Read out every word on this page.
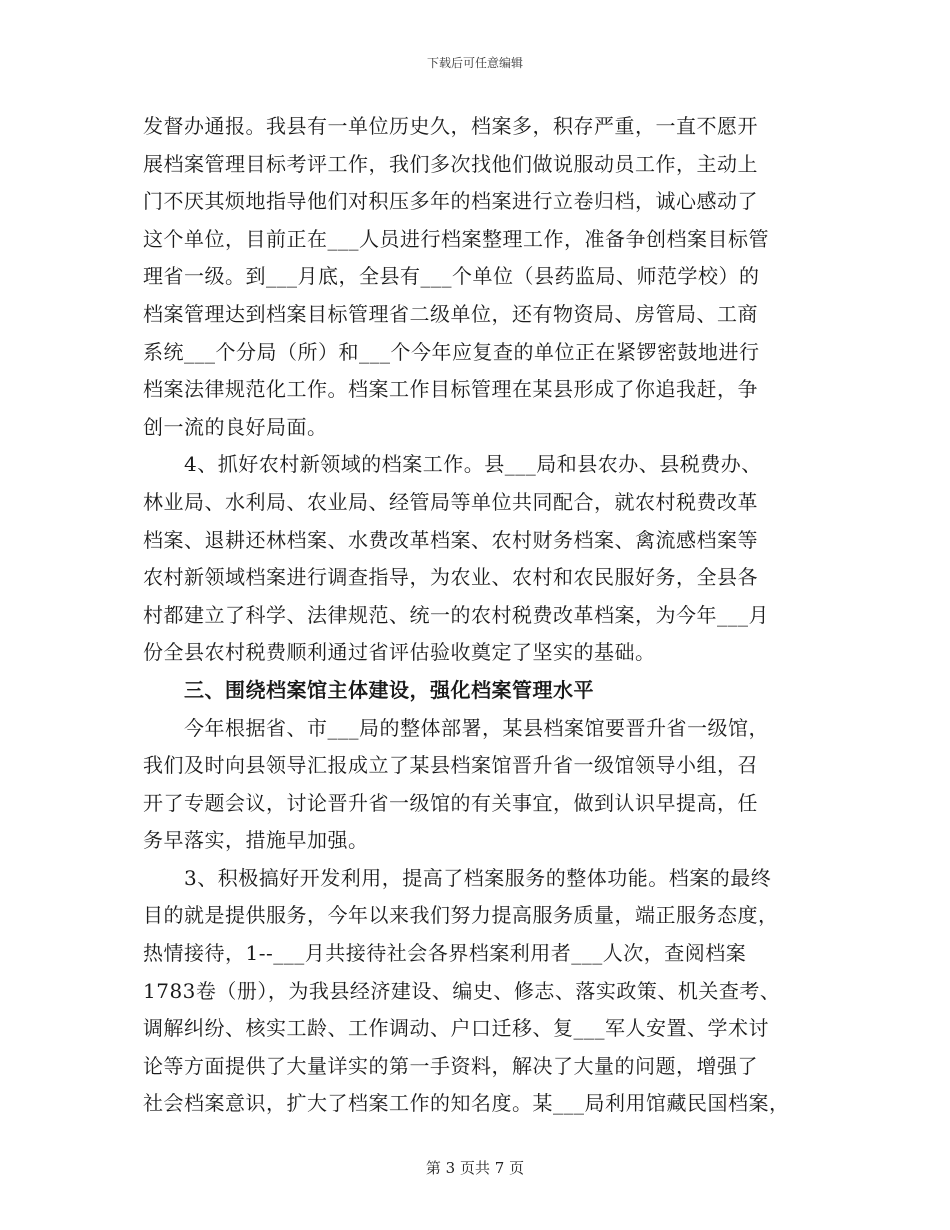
下载后可任意编辑
发督办通报。我县有一单位历史久，档案多，积存严重，一直不愿开
展档案管理目标考评工作，我们多次找他们做说服动员工作，主动上
门不厌其烦地指导他们对积压多年的档案进行立卷归档，诚心感动了
这个单位，目前正在___人员进行档案整理工作，准备争创档案目标管
理省一级。到___月底，全县有___个单位（县药监局、师范学校）的
档案管理达到档案目标管理省二级单位，还有物资局、房管局、工商
系统___个分局（所）和___个今年应复查的单位正在紧锣密鼓地进行
档案法律规范化工作。档案工作目标管理在某县形成了你追我赶，争
创一流的良好局面。
　　4、抓好农村新领域的档案工作。县___局和县农办、县税费办、
林业局、水利局、农业局、经管局等单位共同配合，就农村税费改革
档案、退耕还林档案、水费改革档案、农村财务档案、禽流感档案等
农村新领域档案进行调查指导，为农业、农村和农民服好务，全县各
村都建立了科学、法律规范、统一的农村税费改革档案，为今年___月
份全县农村税费顺利通过省评估验收奠定了坚实的基础。
　　三、围绕档案馆主体建设，强化档案管理水平
　　今年根据省、市___局的整体部署，某县档案馆要晋升省一级馆，
我们及时向县领导汇报成立了某县档案馆晋升省一级馆领导小组，召
开了专题会议，讨论晋升省一级馆的有关事宜，做到认识早提高，任
务早落实，措施早加强。
　　3、积极搞好开发利用，提高了档案服务的整体功能。档案的最终
目的就是提供服务，今年以来我们努力提高服务质量，端正服务态度，
热情接待，1--___月共接待社会各界档案利用者___人次，查阅档案
1783卷（册），为我县经济建设、编史、修志、落实政策、机关查考、
调解纠纷、核实工龄、工作调动、户口迁移、复___军人安置、学术讨
论等方面提供了大量详实的第一手资料，解决了大量的问题，增强了
社会档案意识，扩大了档案工作的知名度。某___局利用馆藏民国档案，
第 3 页共 7 页
